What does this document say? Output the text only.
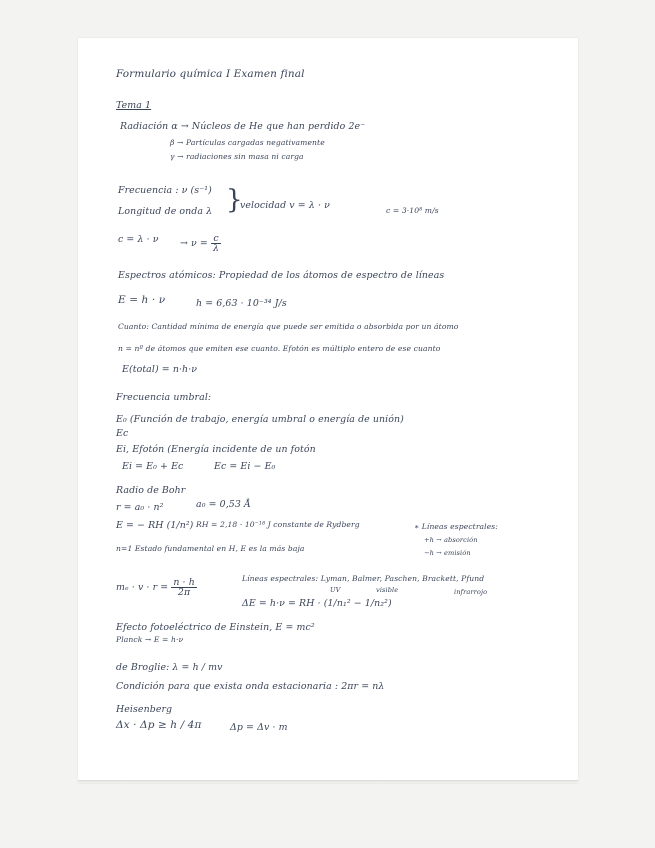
Formulario química I Examen final
Tema 1
Radiación α → Núcleos de He que han perdido 2e⁻
β → Partículas cargadas negativamente
γ → radiaciones sin masa ni carga
Frecuencia : ν (s⁻¹)
Longitud de onda λ }
velocidad v = λ · ν	c = 3·10⁸ m/s
$c = \lambda \cdot \nu \to \nu = \frac{c}{\lambda}$
Espectros atómicos: Propiedad de los átomos de espectro de líneas
E = h · ν	h = 6,63 · 10⁻³⁴ J/s
Cuanto: Cantidad mínima de energía que puede ser emitida o absorbida por un átomo
n = nº de átomos que emiten ese cuanto. Efotón es múltiplo entero de ese cuanto
E(total) = n·h·ν
Frecuencia umbral:
E₀ (Función de trabajo, energía umbral o energía de unión)
Ec
Ei, Efotón (Energía incidente de un fotón
Ei = E₀ + Ec	Ec = Ei − E₀
Radio de Bohr
r = a₀ · n²	a₀ = 0,53 Å
E = − RH (1/n²) RH = 2,18 · 10⁻¹⁸ J constante de Rydberg	∗ Líneas espectrales:
+h → absorción
−h → emisión
n=1 Estado fundamental en H, E es la más baja
$m_e \cdot v \cdot r = \frac{n \cdot h}{2\pi}$	Líneas espectrales: Lyman, Balmer, Paschen, Brackett, Pfund
UV	visible	infrarrojo
ΔE = h·ν = RH · (1/n₁² − 1/n₂²)
Efecto fotoeléctrico de Einstein, E = mc²
Planck → E = h·ν
de Broglie: λ = h / mv
Condición para que exista onda estacionaria : 2πr = nλ
Heisenberg
Δx · Δp ≥ h / 4π	Δp = Δv · m
